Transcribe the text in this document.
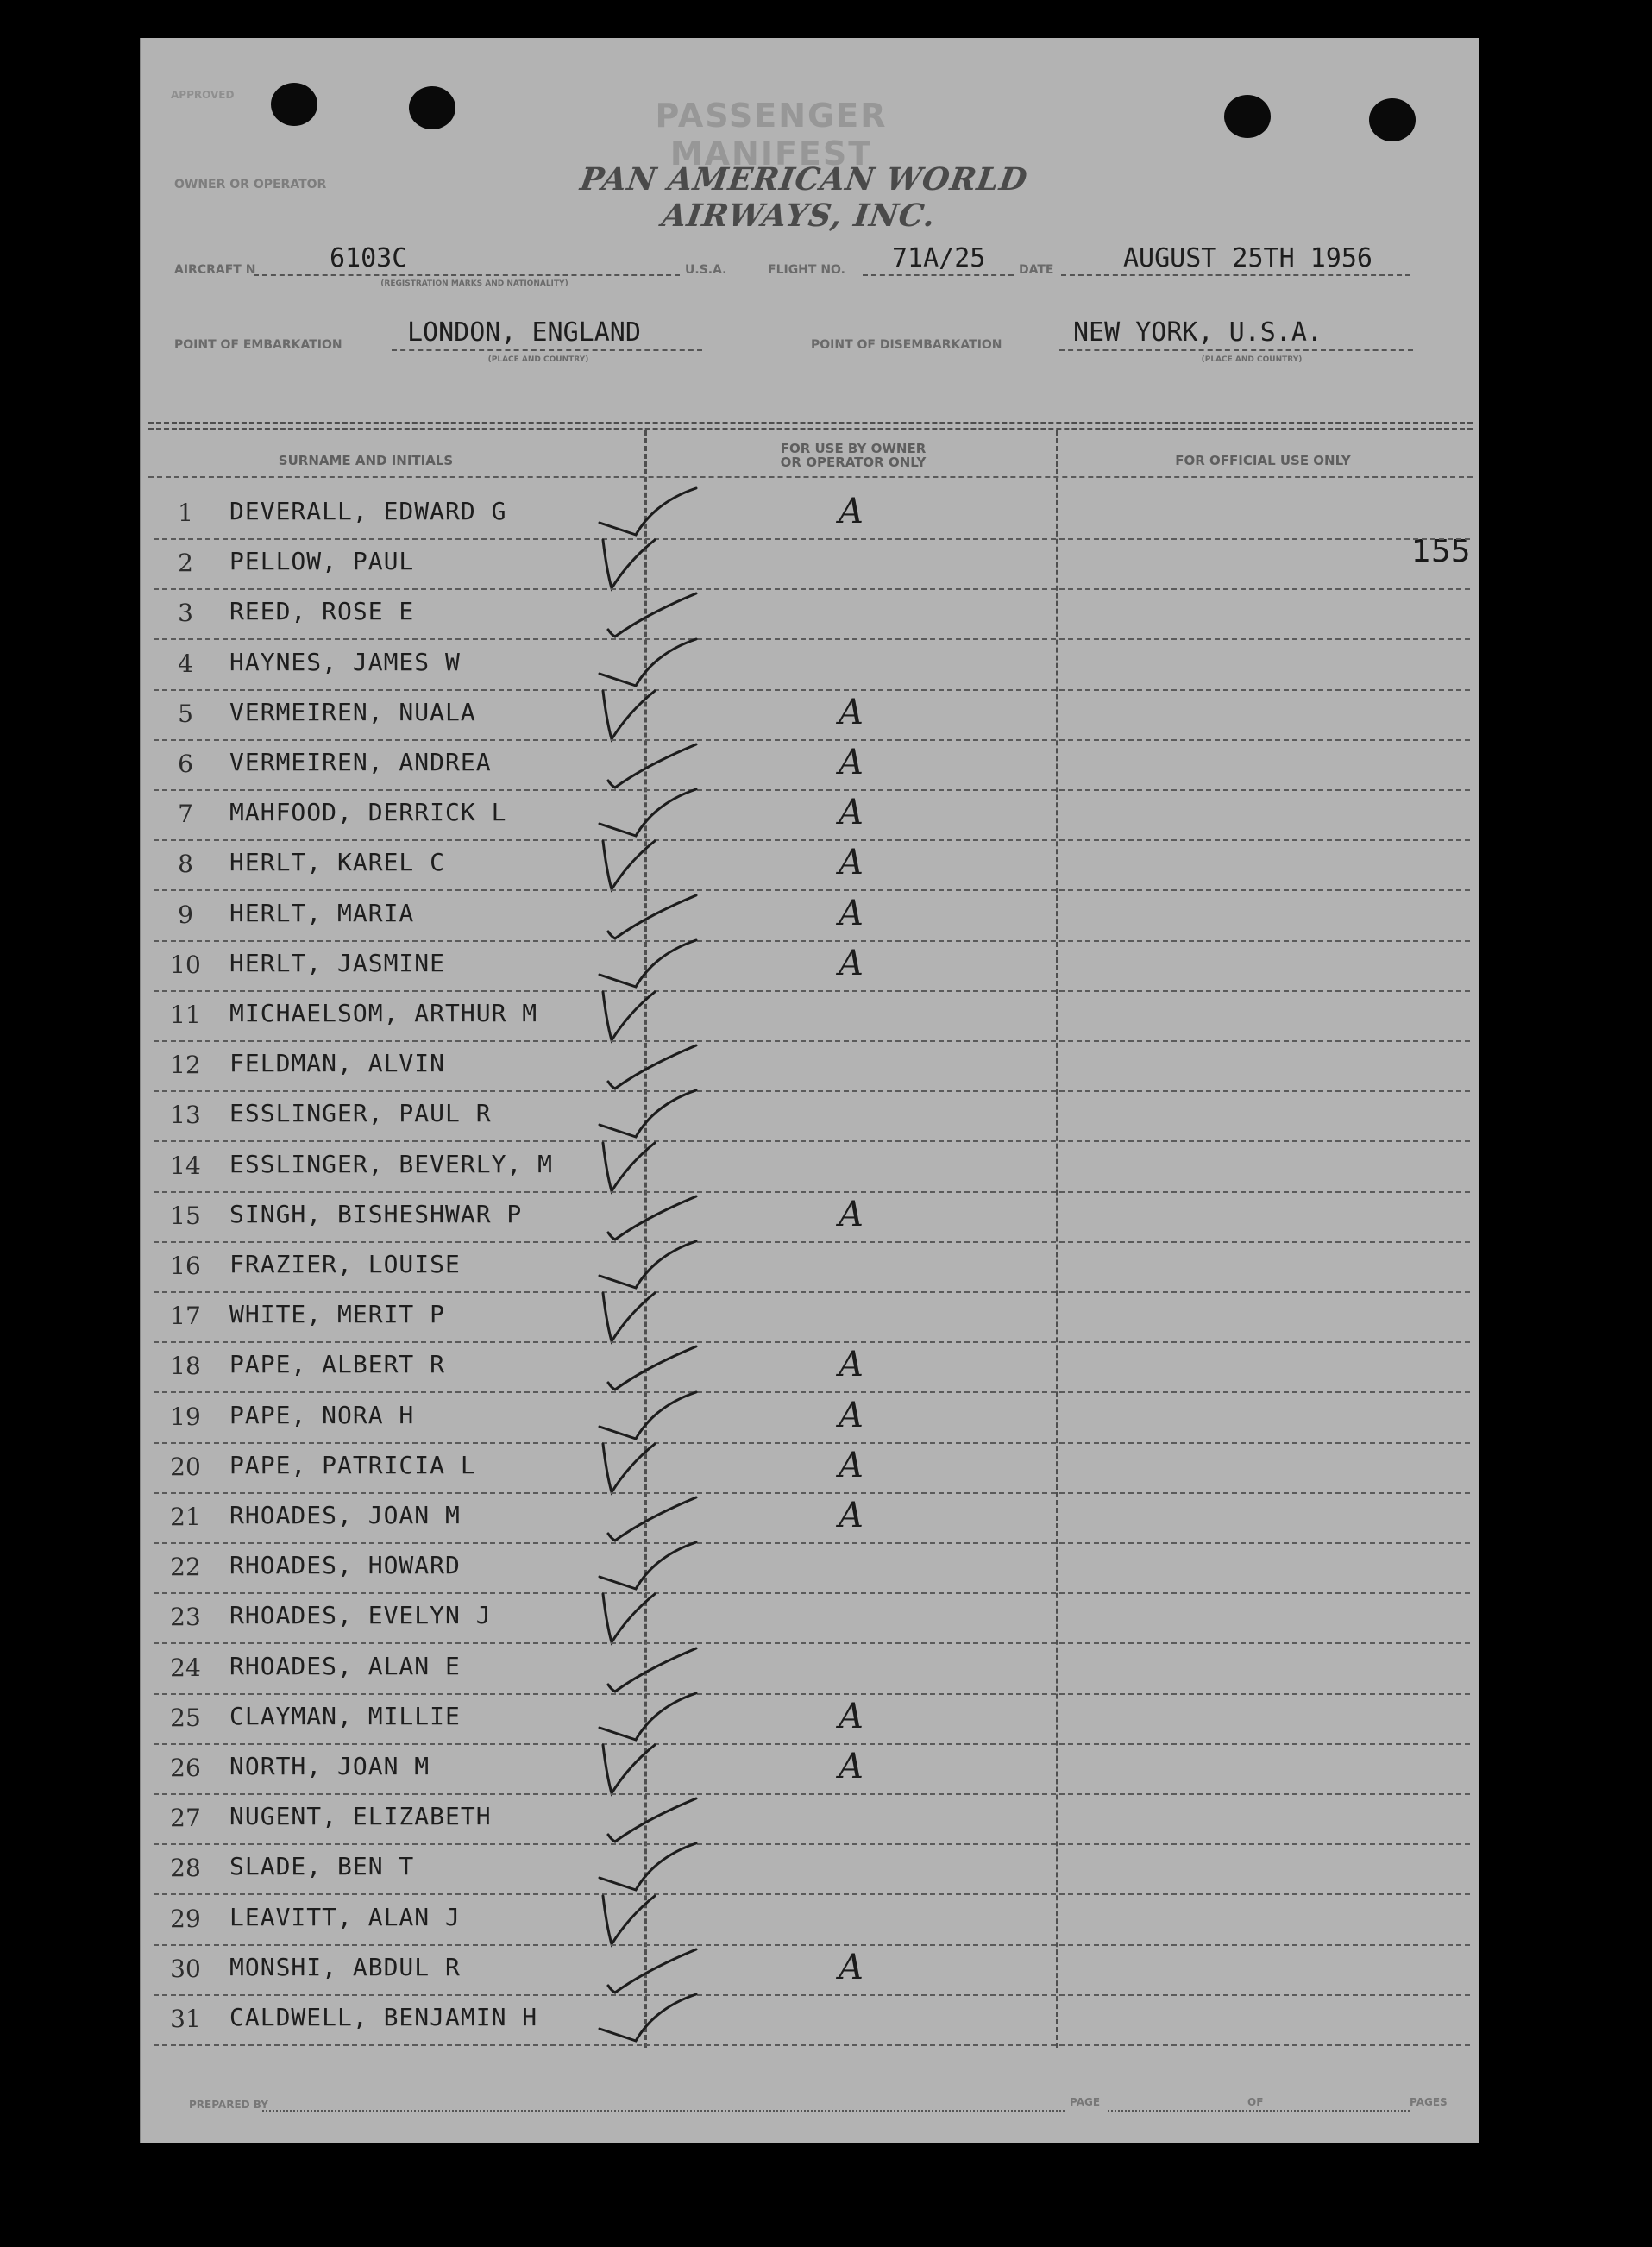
APPROVED
PASSENGER MANIFEST
OWNER OR OPERATOR	PAN AMERICAN WORLD AIRWAYS, INC.
AIRCRAFT N	6103C
(REGISTRATION MARKS AND NATIONALITY)
U.S.A.	FLIGHT NO. 71A/25	DATE	AUGUST 25TH 1956
POINT OF EMBARKATION	LONDON, ENGLAND
(PLACE AND COUNTRY)
POINT OF DISEMBARKATION	NEW YORK, U.S.A.
(PLACE AND COUNTRY)
SURNAME AND INITIALS
FOR USE BY OWNER
OR OPERATOR ONLY	FOR OFFICIAL USE ONLY
155
1	DEVERALL, EDWARD G	A
2	PELLOW, PAUL
3	REED, ROSE E
4	HAYNES, JAMES W
5	VERMEIREN, NUALA	A
6	VERMEIREN, ANDREA	A
7	MAHFOOD, DERRICK L	A
8	HERLT, KAREL C	A
9	HERLT, MARIA	A
10 HERLT, JASMINE	A
11 MICHAELSOM, ARTHUR M
12 FELDMAN, ALVIN
13 ESSLINGER, PAUL R
14 ESSLINGER, BEVERLY, M
15 SINGH, BISHESHWAR P	A
16 FRAZIER, LOUISE
17 WHITE, MERIT P
18 PAPE, ALBERT R	A
19 PAPE, NORA H	A
20 PAPE, PATRICIA L	A
21 RHOADES, JOAN M	A
22 RHOADES, HOWARD
23 RHOADES, EVELYN J
24 RHOADES, ALAN E
25 CLAYMAN, MILLIE	A
26 NORTH, JOAN M	A
27 NUGENT, ELIZABETH
28 SLADE, BEN T
29 LEAVITT, ALAN J
30 MONSHI, ABDUL R	A
31 CALDWELL, BENJAMIN H
PREPARED BY	PAGE	OF	PAGES
